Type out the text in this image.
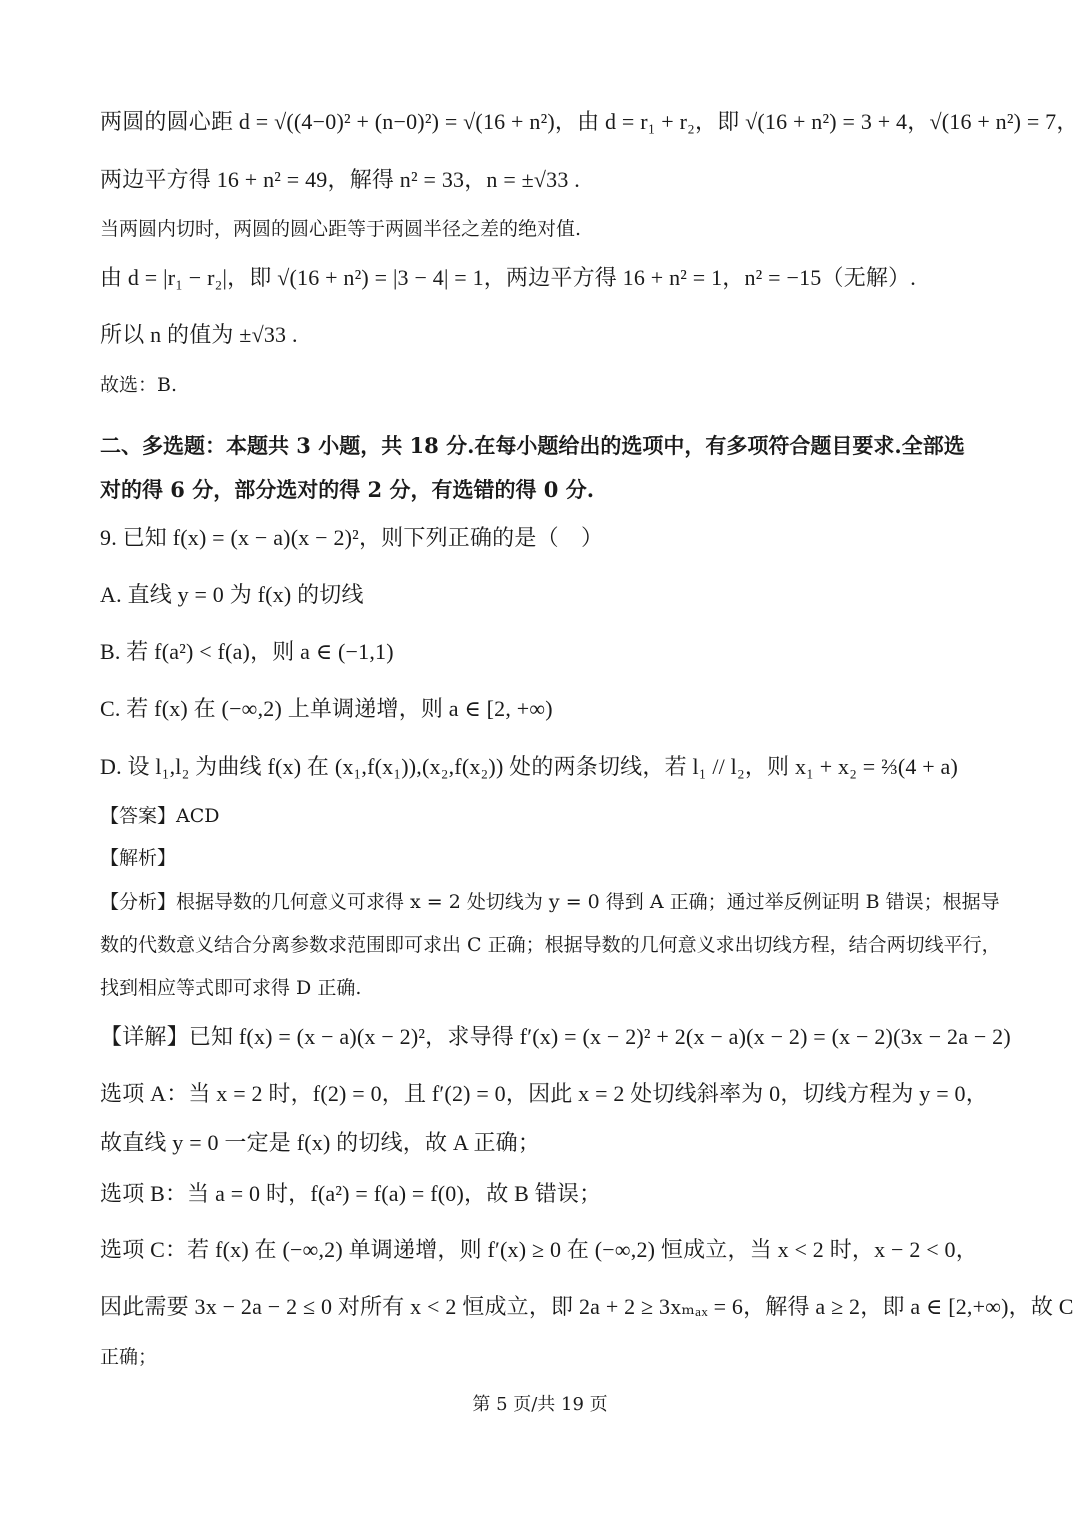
两圆的圆心距 d = √((4−0)² + (n−0)²) = √(16 + n²)，由 d = r₁ + r₂，即 √(16 + n²) = 3 + 4，√(16 + n²) = 7，
两边平方得 16 + n² = 49，解得 n² = 33，n = ±√33 .
当两圆内切时，两圆的圆心距等于两圆半径之差的绝对值.
由 d = |r₁ − r₂|，即 √(16 + n²) = |3 − 4| = 1，两边平方得 16 + n² = 1，n² = −15（无解）.
所以 n 的值为 ±√33 .
故选：B.
二、多选题：本题共 3 小题，共 18 分.在每小题给出的选项中，有多项符合题目要求.全部选
对的得 6 分，部分选对的得 2 分，有选错的得 0 分.
9. 已知 f(x) = (x − a)(x − 2)²，则下列正确的是（　）
A. 直线 y = 0 为 f(x) 的切线
B. 若 f(a²) < f(a)，则 a ∈ (−1,1)
C. 若 f(x) 在 (−∞,2) 上单调递增，则 a ∈ [2, +∞)
D. 设 l₁,l₂ 为曲线 f(x) 在 (x₁,f(x₁)),(x₂,f(x₂)) 处的两条切线，若 l₁ // l₂，则 x₁ + x₂ = ⅔(4 + a)
【答案】ACD
【解析】
【分析】根据导数的几何意义可求得 x = 2 处切线为 y = 0 得到 A 正确；通过举反例证明 B 错误；根据导
数的代数意义结合分离参数求范围即可求出 C 正确；根据导数的几何意义求出切线方程，结合两切线平行，
找到相应等式即可求得 D 正确.
【详解】已知 f(x) = (x − a)(x − 2)²，求导得 f′(x) = (x − 2)² + 2(x − a)(x − 2) = (x − 2)(3x − 2a − 2)
选项 A：当 x = 2 时，f(2) = 0，且 f′(2) = 0，因此 x = 2 处切线斜率为 0，切线方程为 y = 0，
故直线 y = 0 一定是 f(x) 的切线，故 A 正确；
选项 B：当 a = 0 时，f(a²) = f(a) = f(0)，故 B 错误；
选项 C：若 f(x) 在 (−∞,2) 单调递增，则 f′(x) ≥ 0 在 (−∞,2) 恒成立，当 x < 2 时，x − 2 < 0，
因此需要 3x − 2a − 2 ≤ 0 对所有 x < 2 恒成立，即 2a + 2 ≥ 3xₘₐₓ = 6，解得 a ≥ 2，即 a ∈ [2,+∞)，故 C
正确；
第 5 页/共 19 页
